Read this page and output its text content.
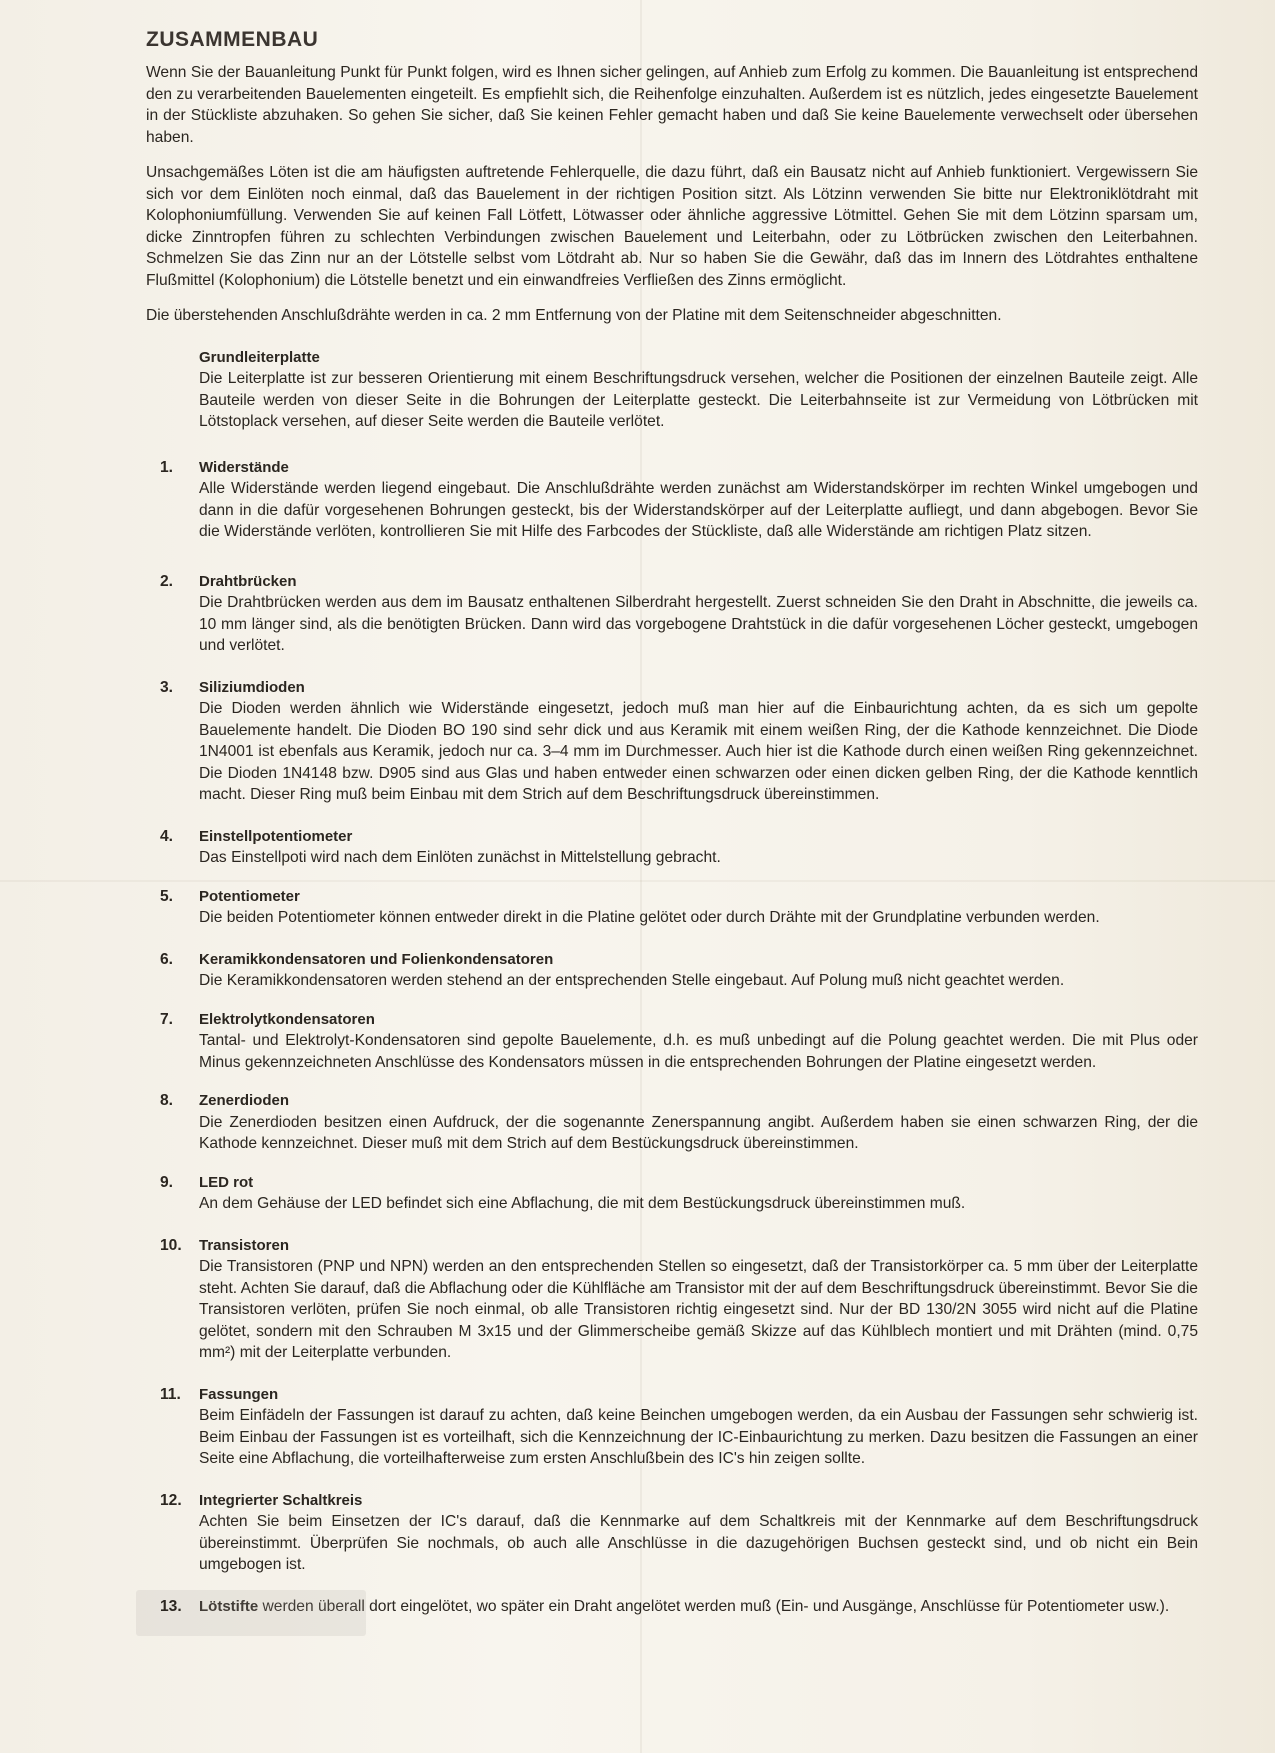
ZUSAMMENBAU

Wenn Sie der Bauanleitung Punkt für Punkt folgen, wird es Ihnen sicher gelingen, auf Anhieb zum Erfolg zu kommen. Die Bauanleitung ist entsprechend den zu verarbeitenden Bauelementen eingeteilt. Es empfiehlt sich, die Reihenfolge einzuhalten. Außerdem ist es nützlich, jedes eingesetzte Bauelement in der Stückliste abzuhaken. So gehen Sie sicher, daß Sie keinen Fehler gemacht haben und daß Sie keine Bauelemente verwechselt oder übersehen haben.

Unsachgemäßes Löten ist die am häufigsten auftretende Fehlerquelle, die dazu führt, daß ein Bausatz nicht auf Anhieb funktioniert. Vergewissern Sie sich vor dem Einlöten noch einmal, daß das Bauelement in der richtigen Position sitzt. Als Lötzinn verwenden Sie bitte nur Elektroniklötdraht mit Kolophoniumfüllung. Verwenden Sie auf keinen Fall Lötfett, Lötwasser oder ähnliche aggressive Lötmittel. Gehen Sie mit dem Lötzinn sparsam um, dicke Zinntropfen führen zu schlechten Verbindungen zwischen Bauelement und Leiterbahn, oder zu Lötbrücken zwischen den Leiterbahnen. Schmelzen Sie das Zinn nur an der Lötstelle selbst vom Lötdraht ab. Nur so haben Sie die Gewähr, daß das im Innern des Lötdrahtes enthaltene Flußmittel (Kolophonium) die Lötstelle benetzt und ein einwandfreies Verfließen des Zinns ermöglicht.

Die überstehenden Anschlußdrähte werden in ca. 2 mm Entfernung von der Platine mit dem Seitenschneider abgeschnitten.

Grundleiterplatte
Die Leiterplatte ist zur besseren Orientierung mit einem Beschriftungsdruck versehen, welcher die Positionen der einzelnen Bauteile zeigt. Alle Bauteile werden von dieser Seite in die Bohrungen der Leiterplatte gesteckt. Die Leiterbahnseite ist zur Vermeidung von Lötbrücken mit Lötstoplack versehen, auf dieser Seite werden die Bauteile verlötet.
1. Widerstände
Alle Widerstände werden liegend eingebaut. Die Anschlußdrähte werden zunächst am Widerstandskörper im rechten Winkel umgebogen und dann in die dafür vorgesehenen Bohrungen gesteckt, bis der Widerstandskörper auf der Leiterplatte aufliegt, und dann abgebogen. Bevor Sie die Widerstände verlöten, kontrollieren Sie mit Hilfe des Farbcodes der Stückliste, daß alle Widerstände am richtigen Platz sitzen.
2. Drahtbrücken
Die Drahtbrücken werden aus dem im Bausatz enthaltenen Silberdraht hergestellt. Zuerst schneiden Sie den Draht in Abschnitte, die jeweils ca. 10 mm länger sind, als die benötigten Brücken. Dann wird das vorgebogene Drahtstück in die dafür vorgesehenen Löcher gesteckt, umgebogen und verlötet.
3. Siliziumdioden
Die Dioden werden ähnlich wie Widerstände eingesetzt, jedoch muß man hier auf die Einbaurichtung achten, da es sich um gepolte Bauelemente handelt. Die Dioden BO 190 sind sehr dick und aus Keramik mit einem weißen Ring, der die Kathode kennzeichnet. Die Diode 1N4001 ist ebenfals aus Keramik, jedoch nur ca. 3–4 mm im Durchmesser. Auch hier ist die Kathode durch einen weißen Ring gekennzeichnet. Die Dioden 1N4148 bzw. D905 sind aus Glas und haben entweder einen schwarzen oder einen dicken gelben Ring, der die Kathode kenntlich macht. Dieser Ring muß beim Einbau mit dem Strich auf dem Beschriftungsdruck übereinstimmen.
4. Einstellpotentiometer
Das Einstellpoti wird nach dem Einlöten zunächst in Mittelstellung gebracht.
5. Potentiometer
Die beiden Potentiometer können entweder direkt in die Platine gelötet oder durch Drähte mit der Grundplatine verbunden werden.
6. Keramikkondensatoren und Folienkondensatoren
Die Keramikkondensatoren werden stehend an der entsprechenden Stelle eingebaut. Auf Polung muß nicht geachtet werden.
7. Elektrolytkondensatoren
Tantal- und Elektrolyt-Kondensatoren sind gepolte Bauelemente, d.h. es muß unbedingt auf die Polung geachtet werden. Die mit Plus oder Minus gekennzeichneten Anschlüsse des Kondensators müssen in die entsprechenden Bohrungen der Platine eingesetzt werden.
8. Zenerdioden
Die Zenerdioden besitzen einen Aufdruck, der die sogenannte Zenerspannung angibt. Außerdem haben sie einen schwarzen Ring, der die Kathode kennzeichnet. Dieser muß mit dem Strich auf dem Bestückungsdruck übereinstimmen.
9. LED rot
An dem Gehäuse der LED befindet sich eine Abflachung, die mit dem Bestückungsdruck übereinstimmen muß.
10. Transistoren
Die Transistoren (PNP und NPN) werden an den entsprechenden Stellen so eingesetzt, daß der Transistorkörper ca. 5 mm über der Leiterplatte steht. Achten Sie darauf, daß die Abflachung oder die Kühlfläche am Transistor mit der auf dem Beschriftungsdruck übereinstimmt. Bevor Sie die Transistoren verlöten, prüfen Sie noch einmal, ob alle Transistoren richtig eingesetzt sind. Nur der BD 130/2N 3055 wird nicht auf die Platine gelötet, sondern mit den Schrauben M 3x15 und der Glimmerscheibe gemäß Skizze auf das Kühlblech montiert und mit Drähten (mind. 0,75 mm²) mit der Leiterplatte verbunden.
11. Fassungen
Beim Einfädeln der Fassungen ist darauf zu achten, daß keine Beinchen umgebogen werden, da ein Ausbau der Fassungen sehr schwierig ist. Beim Einbau der Fassungen ist es vorteilhaft, sich die Kennzeichnung der IC-Einbaurichtung zu merken. Dazu besitzen die Fassungen an einer Seite eine Abflachung, die vorteilhafterweise zum ersten Anschlußbein des IC's hin zeigen sollte.
12. Integrierter Schaltkreis
Achten Sie beim Einsetzen der IC's darauf, daß die Kennmarke auf dem Schaltkreis mit der Kennmarke auf dem Beschriftungsdruck übereinstimmt. Überprüfen Sie nochmals, ob auch alle Anschlüsse in die dazugehörigen Buchsen gesteckt sind, und ob nicht ein Bein umgebogen ist.
13. Lötstifte werden überall dort eingelötet, wo später ein Draht angelötet werden muß (Ein- und Ausgänge, Anschlüsse für Potentiometer usw.).
